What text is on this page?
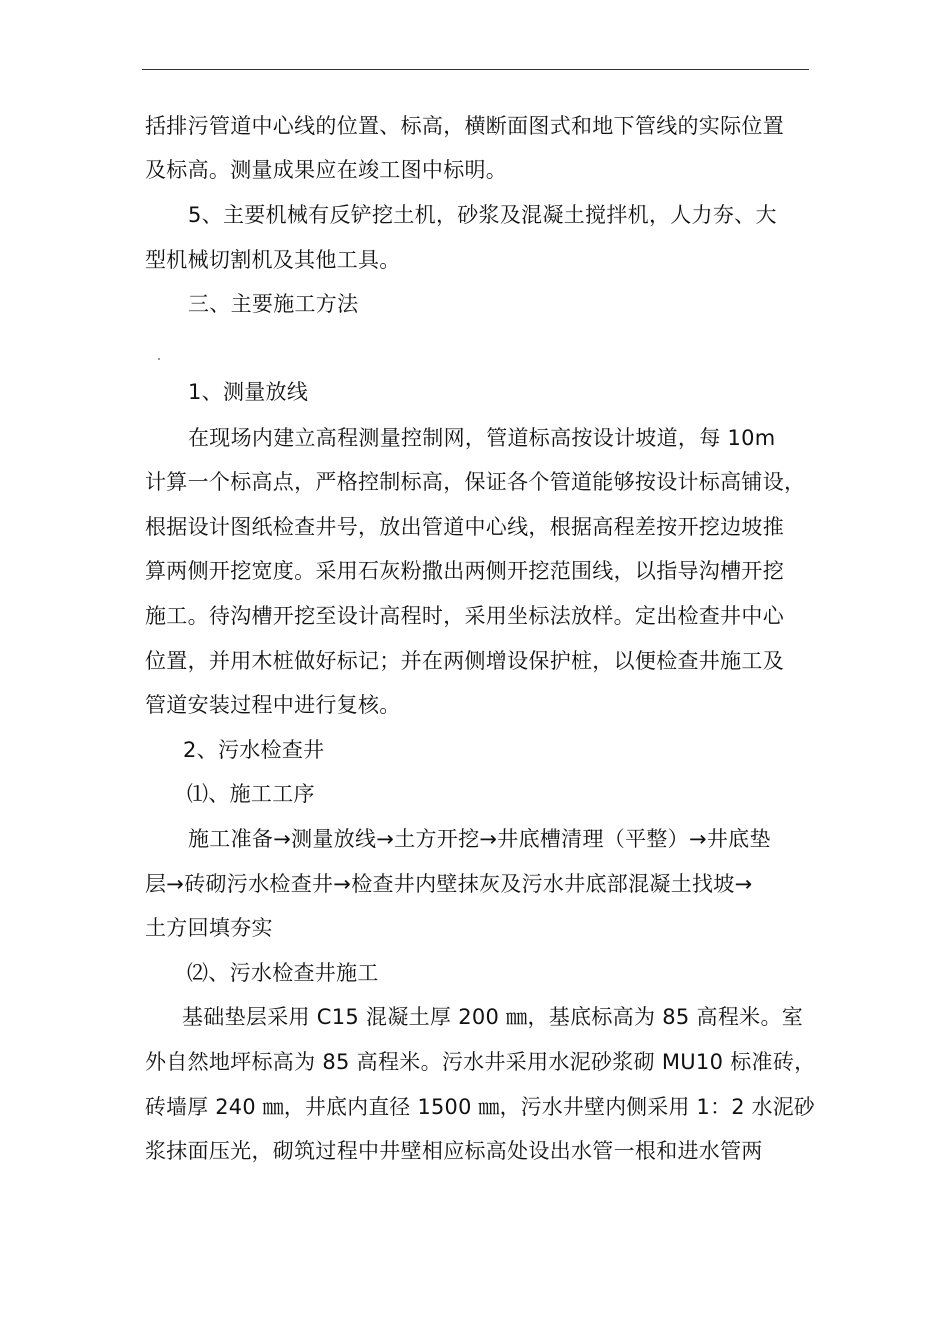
括排污管道中心线的位置、标高，横断面图式和地下管线的实际位置

及标高。测量成果应在竣工图中标明。

5、主要机械有反铲挖土机，砂浆及混凝土搅拌机，人力夯、大

型机械切割机及其他工具。

三、主要施工方法

1、测量放线

在现场内建立高程测量控制网，管道标高按设计坡道，每 10m

计算一个标高点，严格控制标高，保证各个管道能够按设计标高铺设，

根据设计图纸检查井号，放出管道中心线，根据高程差按开挖边坡推

算两侧开挖宽度。采用石灰粉撒出两侧开挖范围线，以指导沟槽开挖

施工。待沟槽开挖至设计高程时，采用坐标法放样。定出检查井中心

位置，并用木桩做好标记；并在两侧增设保护桩，以便检查井施工及

管道安装过程中进行复核。

2、污水检查井

⑴、施工工序

施工准备→测量放线→土方开挖→井底槽清理（平整）→井底垫

层→砖砌污水检查井→检查井内壁抹灰及污水井底部混凝土找坡→

土方回填夯实

⑵、污水检查井施工

基础垫层采用 C15 混凝土厚 200 ㎜，基底标高为 85 高程米。室

外自然地坪标高为 85 高程米。污水井采用水泥砂浆砌 MU10 标准砖，

砖墙厚 240 ㎜，井底内直径 1500 ㎜，污水井壁内侧采用 1：2 水泥砂

浆抹面压光，砌筑过程中井壁相应标高处设出水管一根和进水管两
